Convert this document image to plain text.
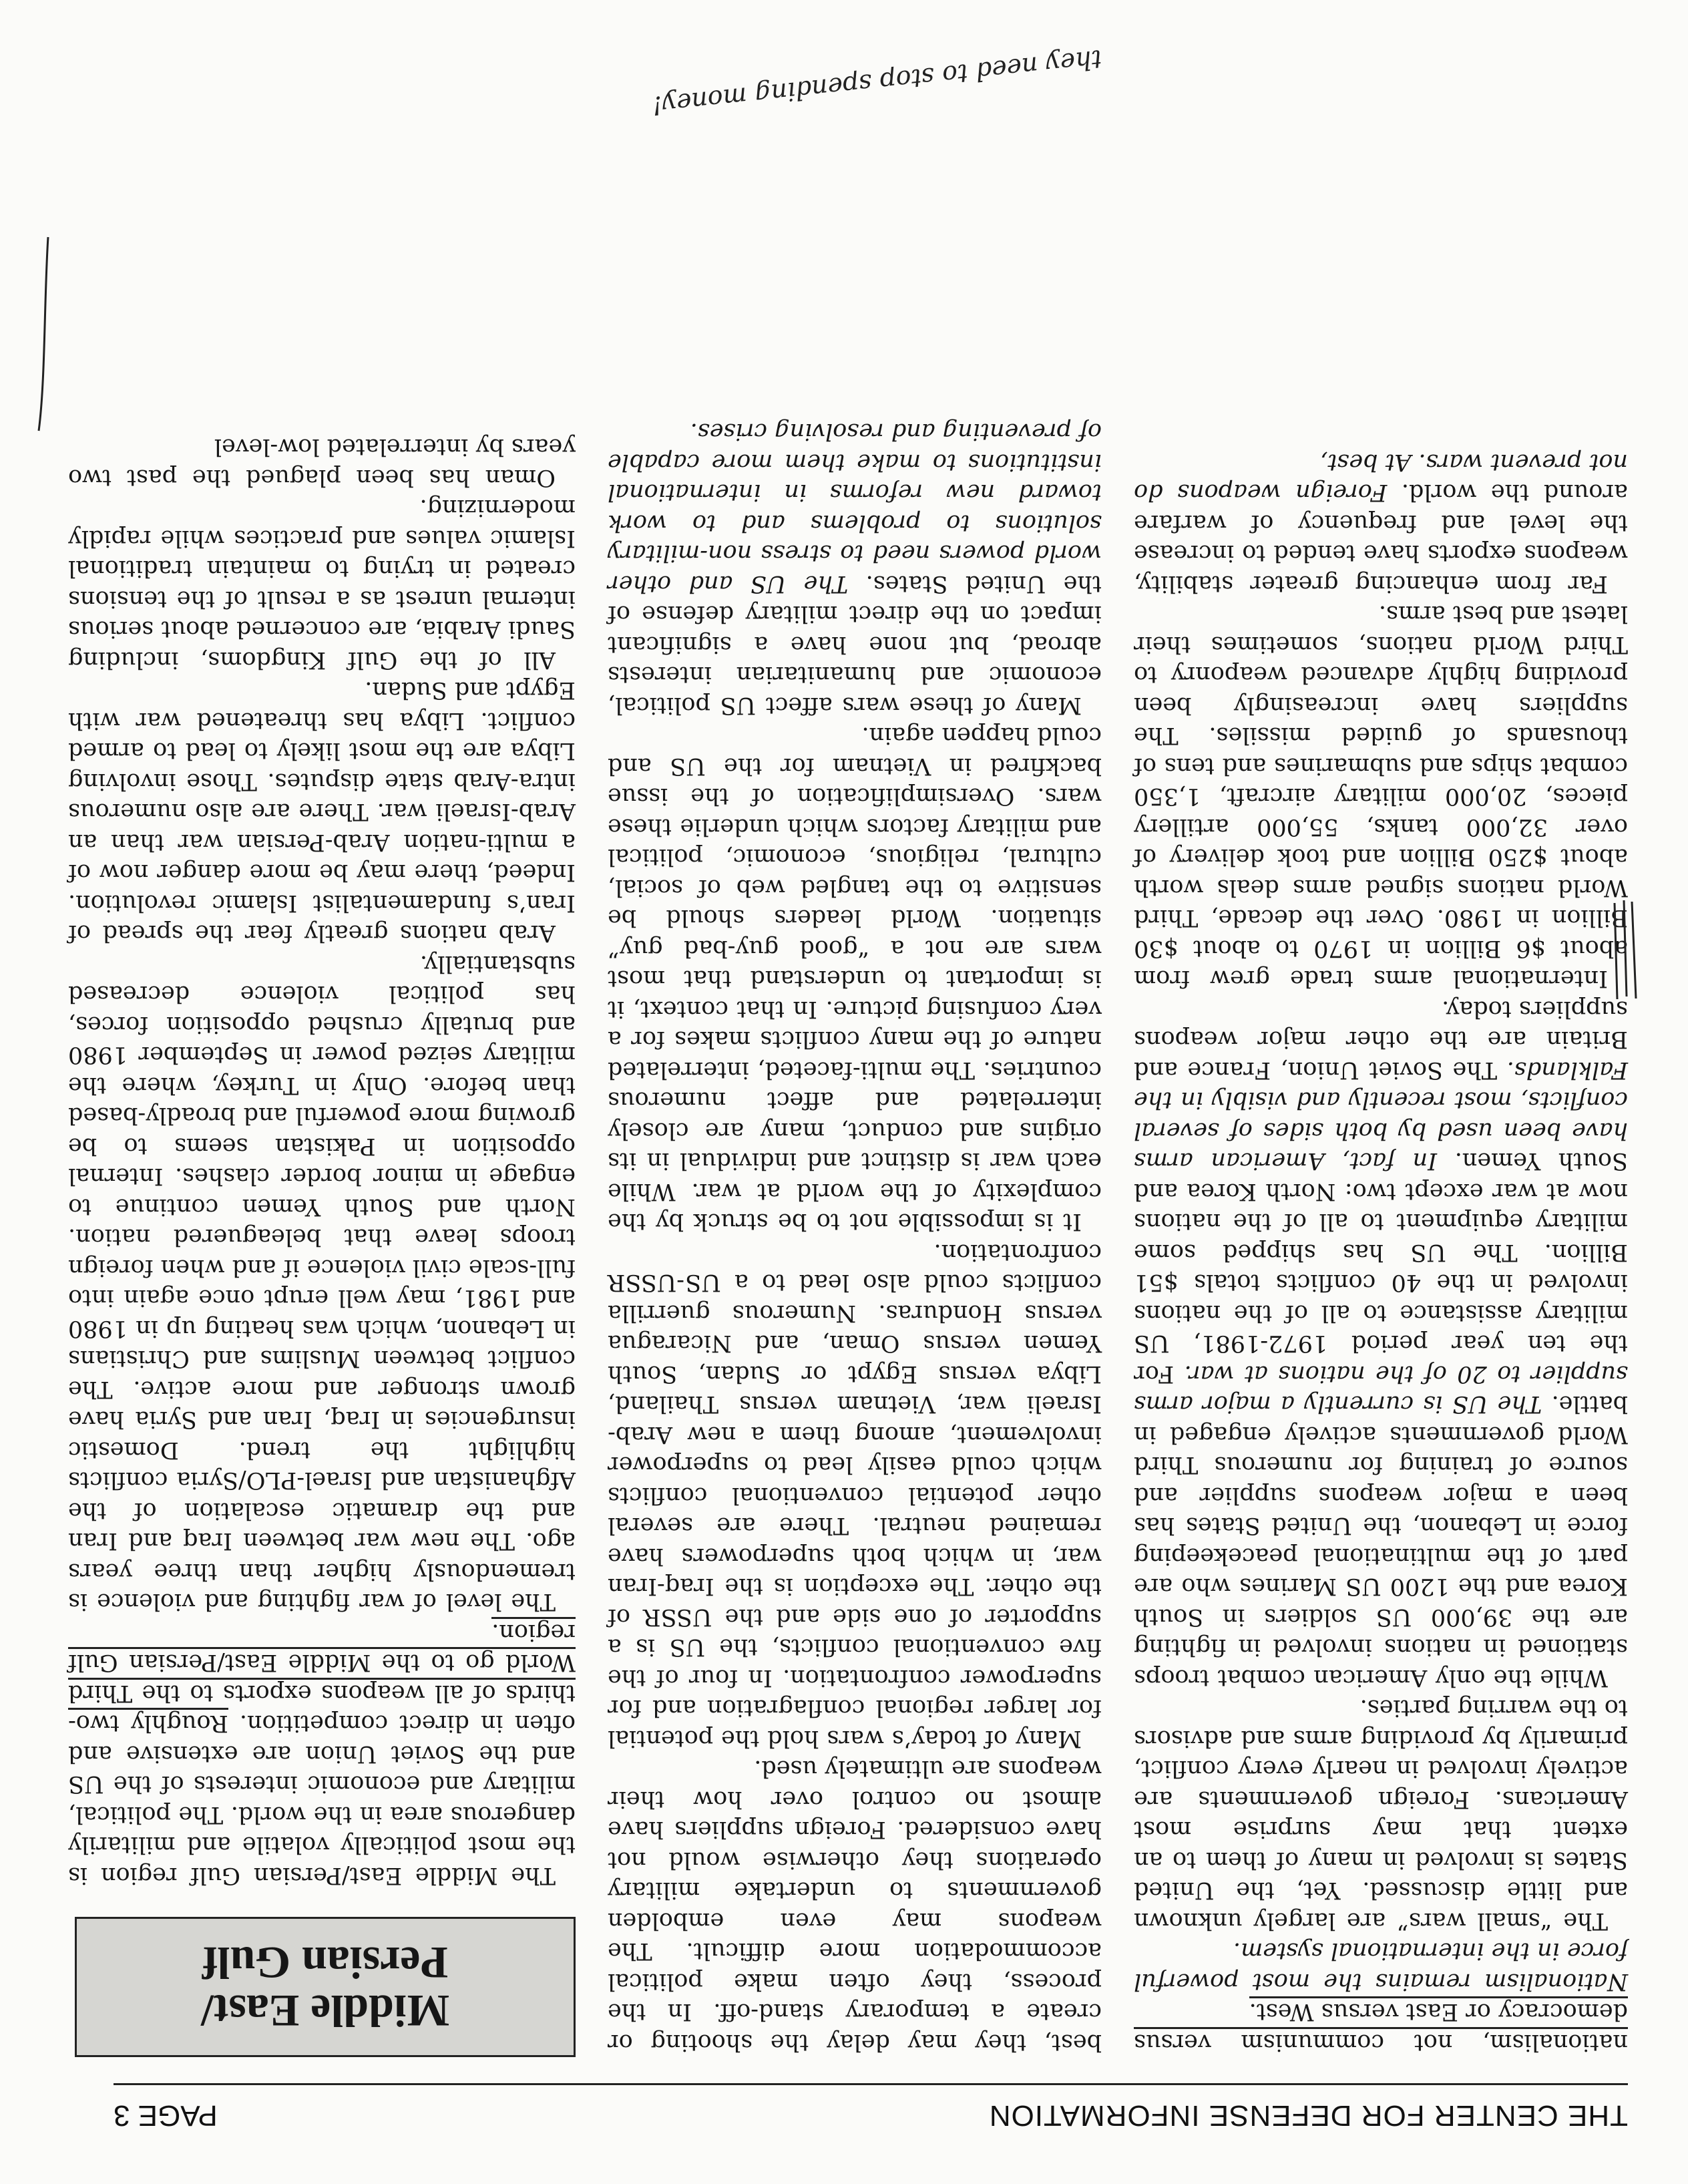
THE CENTER FOR DEFENSE INFORMATION
PAGE 3

nationalism, not communism versus democracy or East versus West.

Nationalism remains the most powerful force in the international system.

The “small wars” are largely unknown and little discussed. Yet, the United States is involved in many of them to an extent that may surprise most Americans. Foreign governments are actively involved in nearly every conflict, primarily by providing arms and advisors to the warring parties.

While the only American combat troops stationed in nations involved in fighting are the 39,000 US soldiers in South Korea and the 1200 US Marines who are part of the multinational peacekeeping force in Lebanon, the United States has been a major weapons supplier and source of training for numerous Third World governments actively engaged in battle. The US is currently a major arms supplier to 20 of the nations at war. For the ten year period 1972-1981, US military assistance to all of the nations involved in the 40 conflicts totals $51 Billion. The US has shipped some military equipment to all of the nations now at war except two: North Korea and South Yemen. In fact, American arms have been used by both sides of several conflicts, most recently and visibly in the Falklands. The Soviet Union, France and Britain are the other major weapons suppliers today.

International arms trade grew from about $6 Billion in 1970 to about $30 Billion in 1980. Over the decade, Third World nations signed arms deals worth about $250 Billion and took delivery of over 32,000 tanks, 55,000 artillery pieces, 20,000 military aircraft, 1,350 combat ships and submarines and tens of thousands of guided missiles. The suppliers have increasingly been providing highly advanced weaponry to Third World nations, sometimes their latest and best arms.

Far from enhancing greater stability, weapons exports have tended to increase the level and frequency of warfare around the world. Foreign weapons do not prevent wars. At best,

best, they may delay the shooting or create a temporary stand-off. In the process, they often make political accommodation more difficult. The weapons may even embolden governments to undertake military operations they otherwise would not have considered. Foreign suppliers have almost no control over how their weapons are ultimately used.

Many of today’s wars hold the potential for larger regional conflagration and for superpower confrontation. In four of the five conventional conflicts, the US is a supporter of one side and the USSR of the other. The exception is the Iraq-Iran war, in which both superpowers have remained neutral. There are several other potential conventional conflicts which could easily lead to superpower involvement, among them a new Arab-Israeli war, Vietnam versus Thailand, Libya versus Egypt or Sudan, South Yemen versus Oman, and Nicaragua versus Honduras. Numerous guerrilla conflicts could also lead to a US-USSR confrontation.

It is impossible not to be struck by the complexity of the world at war. While each war is distinct and individual in its origins and conduct, many are closely interrelated and affect numerous countries. The multi-faceted, interrelated nature of the many conflicts makes for a very confusing picture. In that context, it is important to understand that most wars are not a “good guy-bad guy” situation. World leaders should be sensitive to the tangled web of social, cultural, religious, economic, political and military factors which underlie these wars. Oversimplification of the issue backfired in Vietnam for the US and could happen again.

Many of these wars affect US political, economic and humanitarian interests abroad, but none have a significant impact on the direct military defense of the United States. The US and other world powers need to stress non-military solutions to problems and to work toward new reforms in international institutions to make them more capable of preventing and resolving crises.

Middle East/
Persian Gulf

The Middle East/Persian Gulf region is the most politically volatile and militarily dangerous area in the world. The political, military and economic interests of the US and the Soviet Union are extensive and often in direct competition. Roughly two-thirds of all weapons exports to the Third World go to the Middle East/Persian Gulf region.

The level of war fighting and violence is tremendously higher than three years ago. The new war between Iraq and Iran and the dramatic escalation of the Afghanistan and Israel-PLO/Syria conflicts highlight the trend. Domestic insurgencies in Iraq, Iran and Syria have grown stronger and more active. The conflict between Muslims and Christians in Lebanon, which was heating up in 1980 and 1981, may well erupt once again into full-scale civil violence if and when foreign troops leave that beleaguered nation. North and South Yemen continue to engage in minor border clashes. Internal opposition in Pakistan seems to be growing more powerful and broadly-based than before. Only in Turkey, where the military seized power in September 1980 and brutally crushed opposition forces, has political violence decreased substantially.

Arab nations greatly fear the spread of Iran’s fundamentalist Islamic revolution. Indeed, there may be more danger now of a multi-nation Arab-Persian war than an Arab-Israeli war. There are also numerous intra-Arab state disputes. Those involving Libya are the most likely to lead to armed conflict. Libya has threatened war with Egypt and Sudan.

All of the Gulf Kingdoms, including Saudi Arabia, are concerned about serious internal unrest as a result of the tensions created in trying to maintain traditional Islamic values and practices while rapidly modernizing.

Oman has been plagued the past two years by interrelated low-level

they need to stop spending money!
